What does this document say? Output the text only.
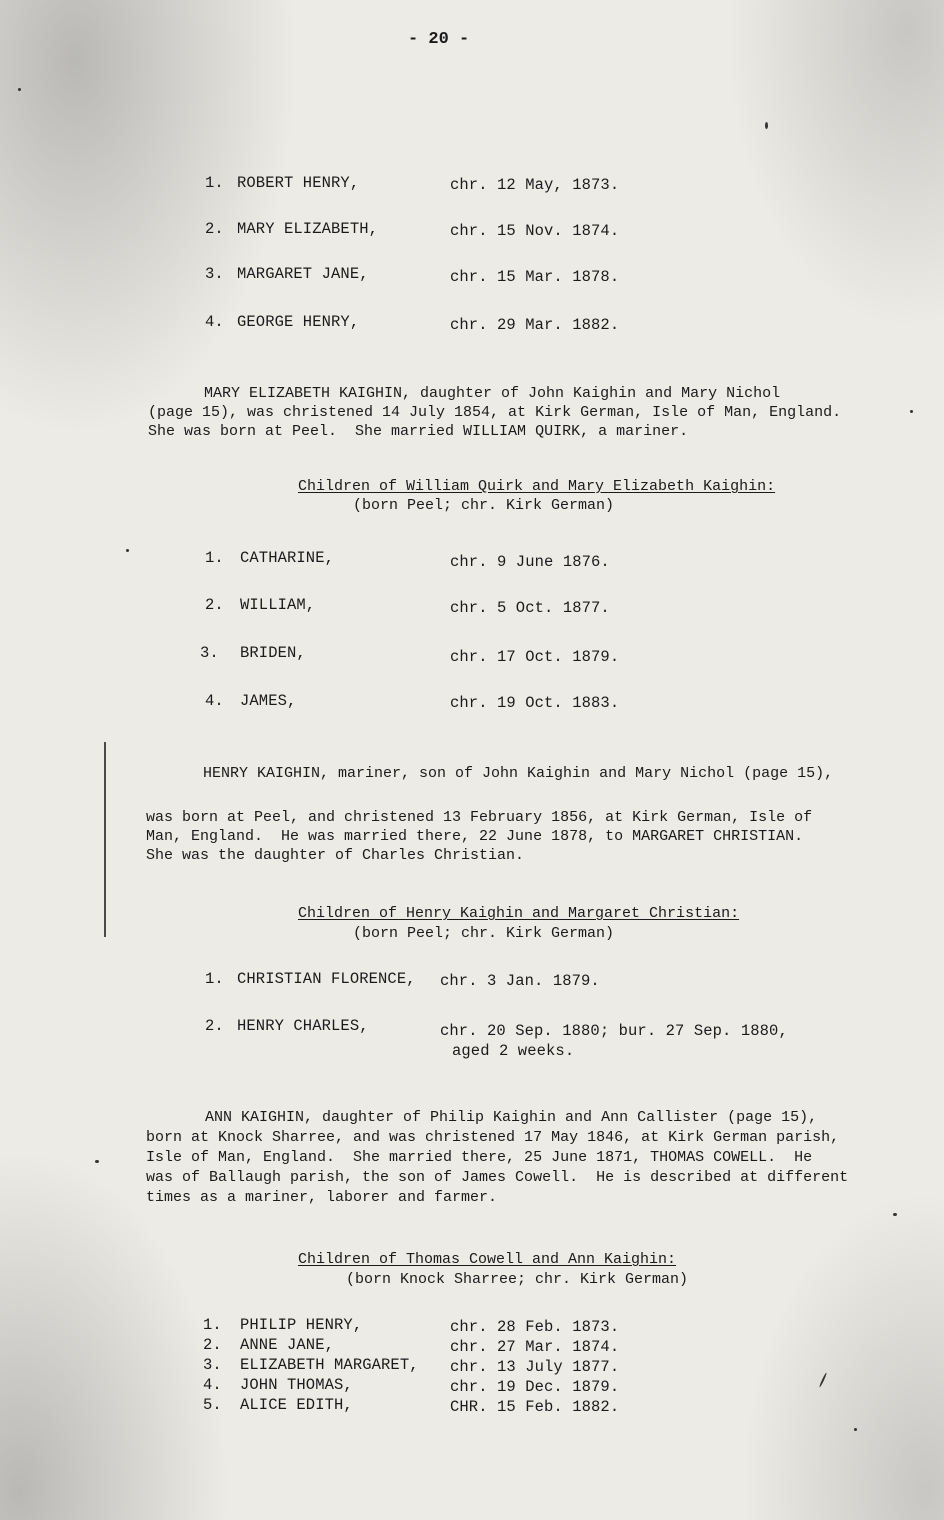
- 20 -
1. ROBERT HENRY,	chr. 12 May, 1873.
2. MARY ELIZABETH,	chr. 15 Nov. 1874.
3. MARGARET JANE,	chr. 15 Mar. 1878.
4. GEORGE HENRY,	chr. 29 Mar. 1882.
MARY ELIZABETH KAIGHIN, daughter of John Kaighin and Mary Nichol
(page 15), was christened 14 July 1854, at Kirk German, Isle of Man, England.
She was born at Peel.  She married WILLIAM QUIRK, a mariner.
Children of William Quirk and Mary Elizabeth Kaighin:
(born Peel; chr. Kirk German)
1. CATHARINE,	chr. 9 June 1876.
2. WILLIAM,	chr. 5 Oct. 1877.
3. BRIDEN,	chr. 17 Oct. 1879.
4. JAMES,	chr. 19 Oct. 1883.
HENRY KAIGHIN, mariner, son of John Kaighin and Mary Nichol (page 15),
was born at Peel, and christened 13 February 1856, at Kirk German, Isle of
Man, England.  He was married there, 22 June 1878, to MARGARET CHRISTIAN.
She was the daughter of Charles Christian.
Children of Henry Kaighin and Margaret Christian:
(born Peel; chr. Kirk German)
1. CHRISTIAN FLORENCE, chr. 3 Jan. 1879.
2. HENRY CHARLES,	chr. 20 Sep. 1880; bur. 27 Sep. 1880,
aged 2 weeks.
ANN KAIGHIN, daughter of Philip Kaighin and Ann Callister (page 15),
born at Knock Sharree, and was christened 17 May 1846, at Kirk German parish,
Isle of Man, England.  She married there, 25 June 1871, THOMAS COWELL.  He
was of Ballaugh parish, the son of James Cowell.  He is described at different
times as a mariner, laborer and farmer.
Children of Thomas Cowell and Ann Kaighin:
(born Knock Sharree; chr. Kirk German)
1. PHILIP HENRY,	chr. 28 Feb. 1873.
2. ANNE JANE,	chr. 27 Mar. 1874.
3. ELIZABETH MARGARET, chr. 13 July 1877.
4. JOHN THOMAS,	chr. 19 Dec. 1879.
5. ALICE EDITH,	CHR. 15 Feb. 1882.
